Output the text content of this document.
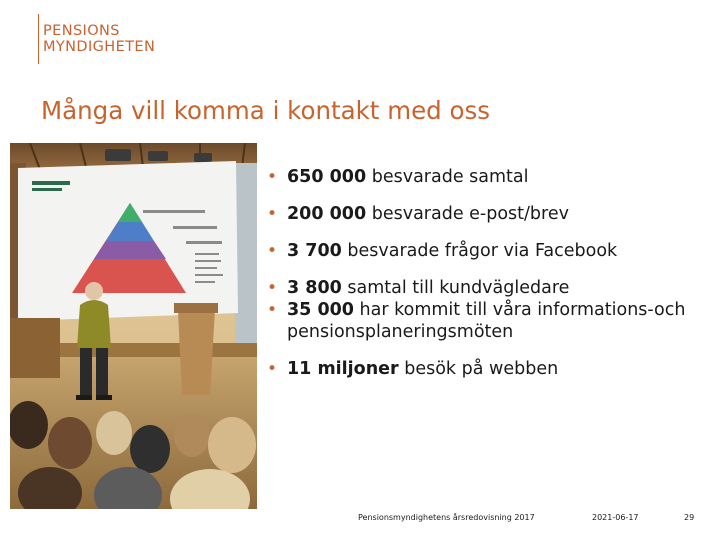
PENSIONS
MYNDIGHETEN
Många vill komma i kontakt med oss
• 650 000 besvarade samtal
• 200 000 besvarade e-post/brev
• 3 700 besvarade frågor via Facebook
• 3 800 samtal till kundvägledare
• 35 000 har kommit till våra informations-och pensionsplaneringsmöten
• 11 miljoner besök på webben
Pensionsmyndighetens årsredovisning 2017	2021-06-17	29
